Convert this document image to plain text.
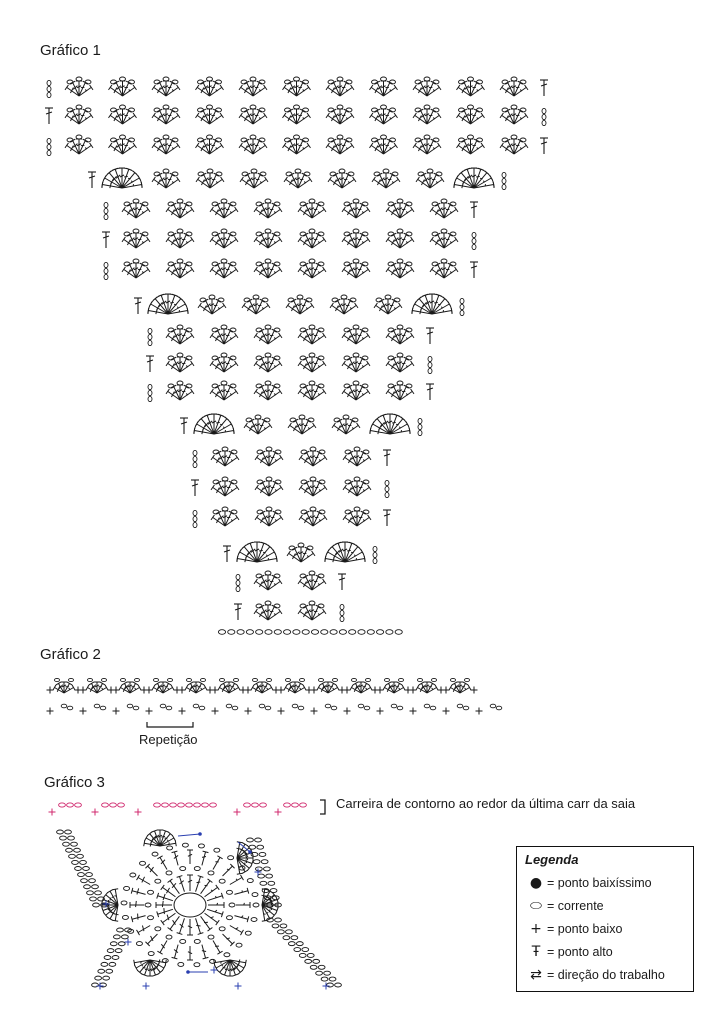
Gráfico 1
Gráfico 2
Gráfico 3
Repetição
Carreira de contorno ao redor da última carr da saia
Legenda
● = ponto baixíssimo
⬭ = corrente
+ = ponto baixo
Ŧ = ponto alto
⇄ = direção do trabalho
